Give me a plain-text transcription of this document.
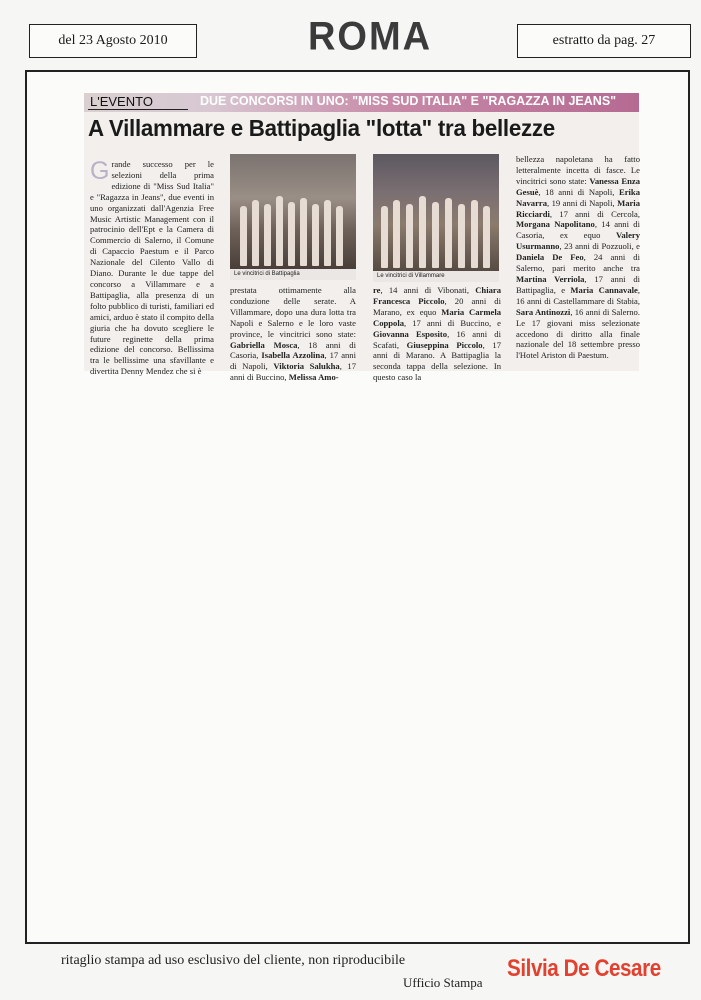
del 23 Agosto 2010	ROMA	estratto da pag. 27
L'EVENTO	DUE CONCORSI IN UNO: "MISS SUD ITALIA" E "RAGAZZA IN JEANS"
A Villammare e Battipaglia "lotta" tra bellezze
Grande successo per le selezioni della prima edizione di "Miss Sud Italia" e "Ragazza in Jeans", due eventi in uno organizzati dall'Agenzia Free Music Artistic Management con il patrocinio dell'Ept e la Camera di Commercio di Salerno, il Comune di Capaccio Paestum e il Parco Nazionale del Cilento Vallo di Diano. Durante le due tappe del concorso a Villammare e a Battipaglia, alla presenza di un folto pubblico di turisti, familiari ed amici, arduo è stato il compito della giuria che ha dovuto scegliere le future reginette della prima edizione del concorso. Bellissima tra le bellissime una sfavillante e divertita Denny Mendez che si è
Le vincitrici di Battipaglia	Le vincitrici di Villammare
prestata ottimamente alla conduzione delle serate. A Villammare, dopo una dura lotta tra Napoli e Salerno e le loro vaste province, le vincitrici sono state: Gabriella Mosca, 18 anni di Casoria, Isabella Azzolina, 17 anni di Napoli, Viktoria Salukha, 17 anni di Buccino, Melissa Amo-
re, 14 anni di Vibonati, Chiara Francesca Piccolo, 20 anni di Marano, ex equo Maria Carmela Coppola, 17 anni di Buccino, e Giovanna Esposito, 16 anni di Scafati, Giuseppina Piccolo, 17 anni di Marano. A Battipaglia la seconda tappa della selezione. In questo caso la
bellezza napoletana ha fatto letteralmente incetta di fasce. Le vincitrici sono state: Vanessa Enza Gesuè, 18 anni di Napoli, Erika Navarra, 19 anni di Napoli, Maria Ricciardi, 17 anni di Cercola, Morgana Napolitano, 14 anni di Casoria, ex equo Valery Usurmanno, 23 anni di Pozzuoli, e Daniela De Feo, 24 anni di Salerno, pari merito anche tra Martina Verriola, 17 anni di Battipaglia, e Maria Cannavale, 16 anni di Castellammare di Stabia, Sara Antinozzi, 16 anni di Salerno. Le 17 giovani miss selezionate accedono di diritto alla finale nazionale del 18 settembre presso l'Hotel Ariston di Paestum.
ritaglio stampa ad uso esclusivo del cliente, non riproducibile
Ufficio Stampa
Silvia De Cesare
